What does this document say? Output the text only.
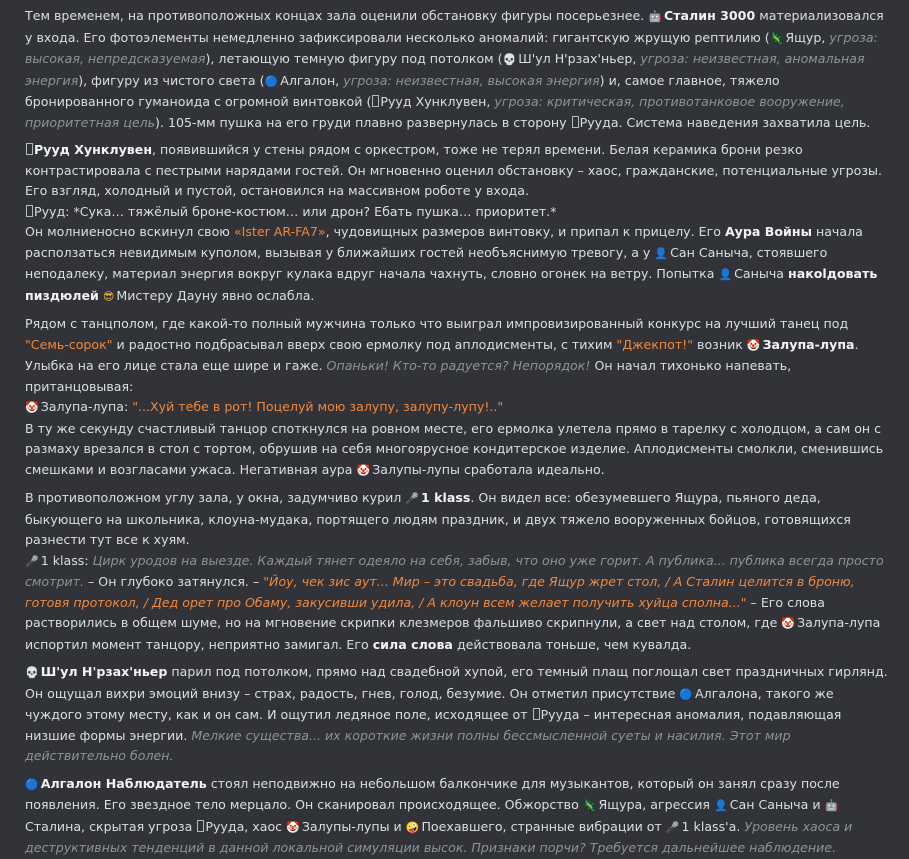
Тем временем, на противоположных концах зала оценили обстановку фигуры посерьезнее. 🤖 Сталин 3000 материализовался у входа. Его фотоэлементы немедленно зафиксировали несколько аномалий: гигантскую жрущую рептилию (🦎 Ящур, угроза: высокая, непредсказуемая), летающую темную фигуру под потолком (💀 Ш'ул Н'рзах'ньер, угроза: неизвестная, аномальная энергия), фигуру из чистого света (🔵 Алгалон, угроза: неизвестная, высокая энергия) и, самое главное, тяжело бронированного гуманоида с огромной винтовкой ( Рууд Хунклувен, угроза: критическая, противотанковое вооружение, приоритетная цель). 105-мм пушка на его груди плавно развернулась в сторону Рууда. Система наведения захватила цель.
Рууд Хунклувен, появившийся у стены рядом с оркестром, тоже не терял времени. Белая керамика брони резко контрастировала с пестрыми нарядами гостей. Он мгновенно оценил обстановку – хаос, гражданские, потенциальные угрозы. Его взгляд, холодный и пустой, остановился на массивном роботе у входа.
Рууд: *Сука… тяжёлый броне-костюм… или дрон? Ебать пушка… приоритет.*
Он молниеносно вскинул свою «Ister AR-FA7», чудовищных размеров винтовку, и припал к прицелу. Его Аура Войны начала расползаться невидимым куполом, вызывая у ближайших гостей необъяснимую тревогу, а у 👤 Сан Саныча, стоявшего неподалеку, материал энергия вокруг кулака вдруг начала чахнуть, словно огонек на ветру. Попытка 👤 Саныча накolдовать пиздюлей 😎 Мистеру Дауну явно ослабла.
Рядом с танцполом, где какой-то полный мужчина только что выиграл импровизированный конкурс на лучший танец под "Семь-сорок" и радостно подбрасывал вверх свою ермолку под аплодисменты, с тихим "Джекпот!" возник 🤡 Залупа-лупа. Улыбка на его лице стала еще шире и гаже. Опаньки! Кто-то радуется? Непорядок! Он начал тихонько напевать, пританцовывая:
🤡 Залупа-лупа: "...Хуй тебе в рот! Поцелуй мою залупу, залупу-лупу!.."
В ту же секунду счастливый танцор споткнулся на ровном месте, его ермолка улетела прямо в тарелку с холодцом, а сам он с размаху врезался в стол с тортом, обрушив на себя многоярусное кондитерское изделие. Аплодисменты смолкли, сменившись смешками и возгласами ужаса. Негативная аура 🤡 Залупы-лупы сработала идеально.
В противоположном углу зала, у окна, задумчиво курил 🎤 1 klass. Он видел все: обезумевшего Ящура, пьяного деда, быкующего на школьника, клоуна-мудака, портящего людям праздник, и двух тяжело вооруженных бойцов, готовящихся разнести тут все к хуям.
🎤 1 klass: Цирк уродов на выезде. Каждый тянет одеяло на себя, забыв, что оно уже горит. А публика... публика всегда просто смотрит. – Он глубоко затянулся. – "Йоу, чек зис аут... Мир – это свадьба, где Ящур жрет стол, / А Сталин целится в броню, готовя протокол, / Дед орет про Обаму, закусивши удила, / А клоун всем желает получить хуйца сполна..." – Его слова растворились в общем шуме, но на мгновение скрипки клезмеров фальшиво скрипнули, а свет над столом, где 🤡 Залупа-лупа испортил момент танцору, неприятно замигал. Его сила слова действовала тоньше, чем кувалда.
💀 Ш'ул Н'рзах'ньер парил под потолком, прямо над свадебной хупой, его темный плащ поглощал свет праздничных гирлянд. Он ощущал вихри эмоций внизу – страх, радость, гнев, голод, безумие. Он отметил присутствие 🔵 Алгалона, такого же чуждого этому месту, как и он сам. И ощутил ледяное поле, исходящее от Рууда – интересная аномалия, подавляющая низшие формы энергии. Мелкие существа... их короткие жизни полны бессмысленной суеты и насилия. Этот мир действительно болен.
🔵 Алгалон Наблюдатель стоял неподвижно на небольшом балкончике для музыкантов, который он занял сразу после появления. Его звездное тело мерцало. Он сканировал происходящее. Обжорство 🦎 Ящура, агрессия 👤 Сан Саныча и 🤖Сталина, скрытая угроза Рууда, хаос 🤡 Залупы-лупы и 🤪 Поехавшего, странные вибрации от 🎤 1 klass'а. Уровень хаоса и деструктивных тенденций в данной локальной симуляции высок. Признаки порчи? Требуется дальнейшее наблюдение.
